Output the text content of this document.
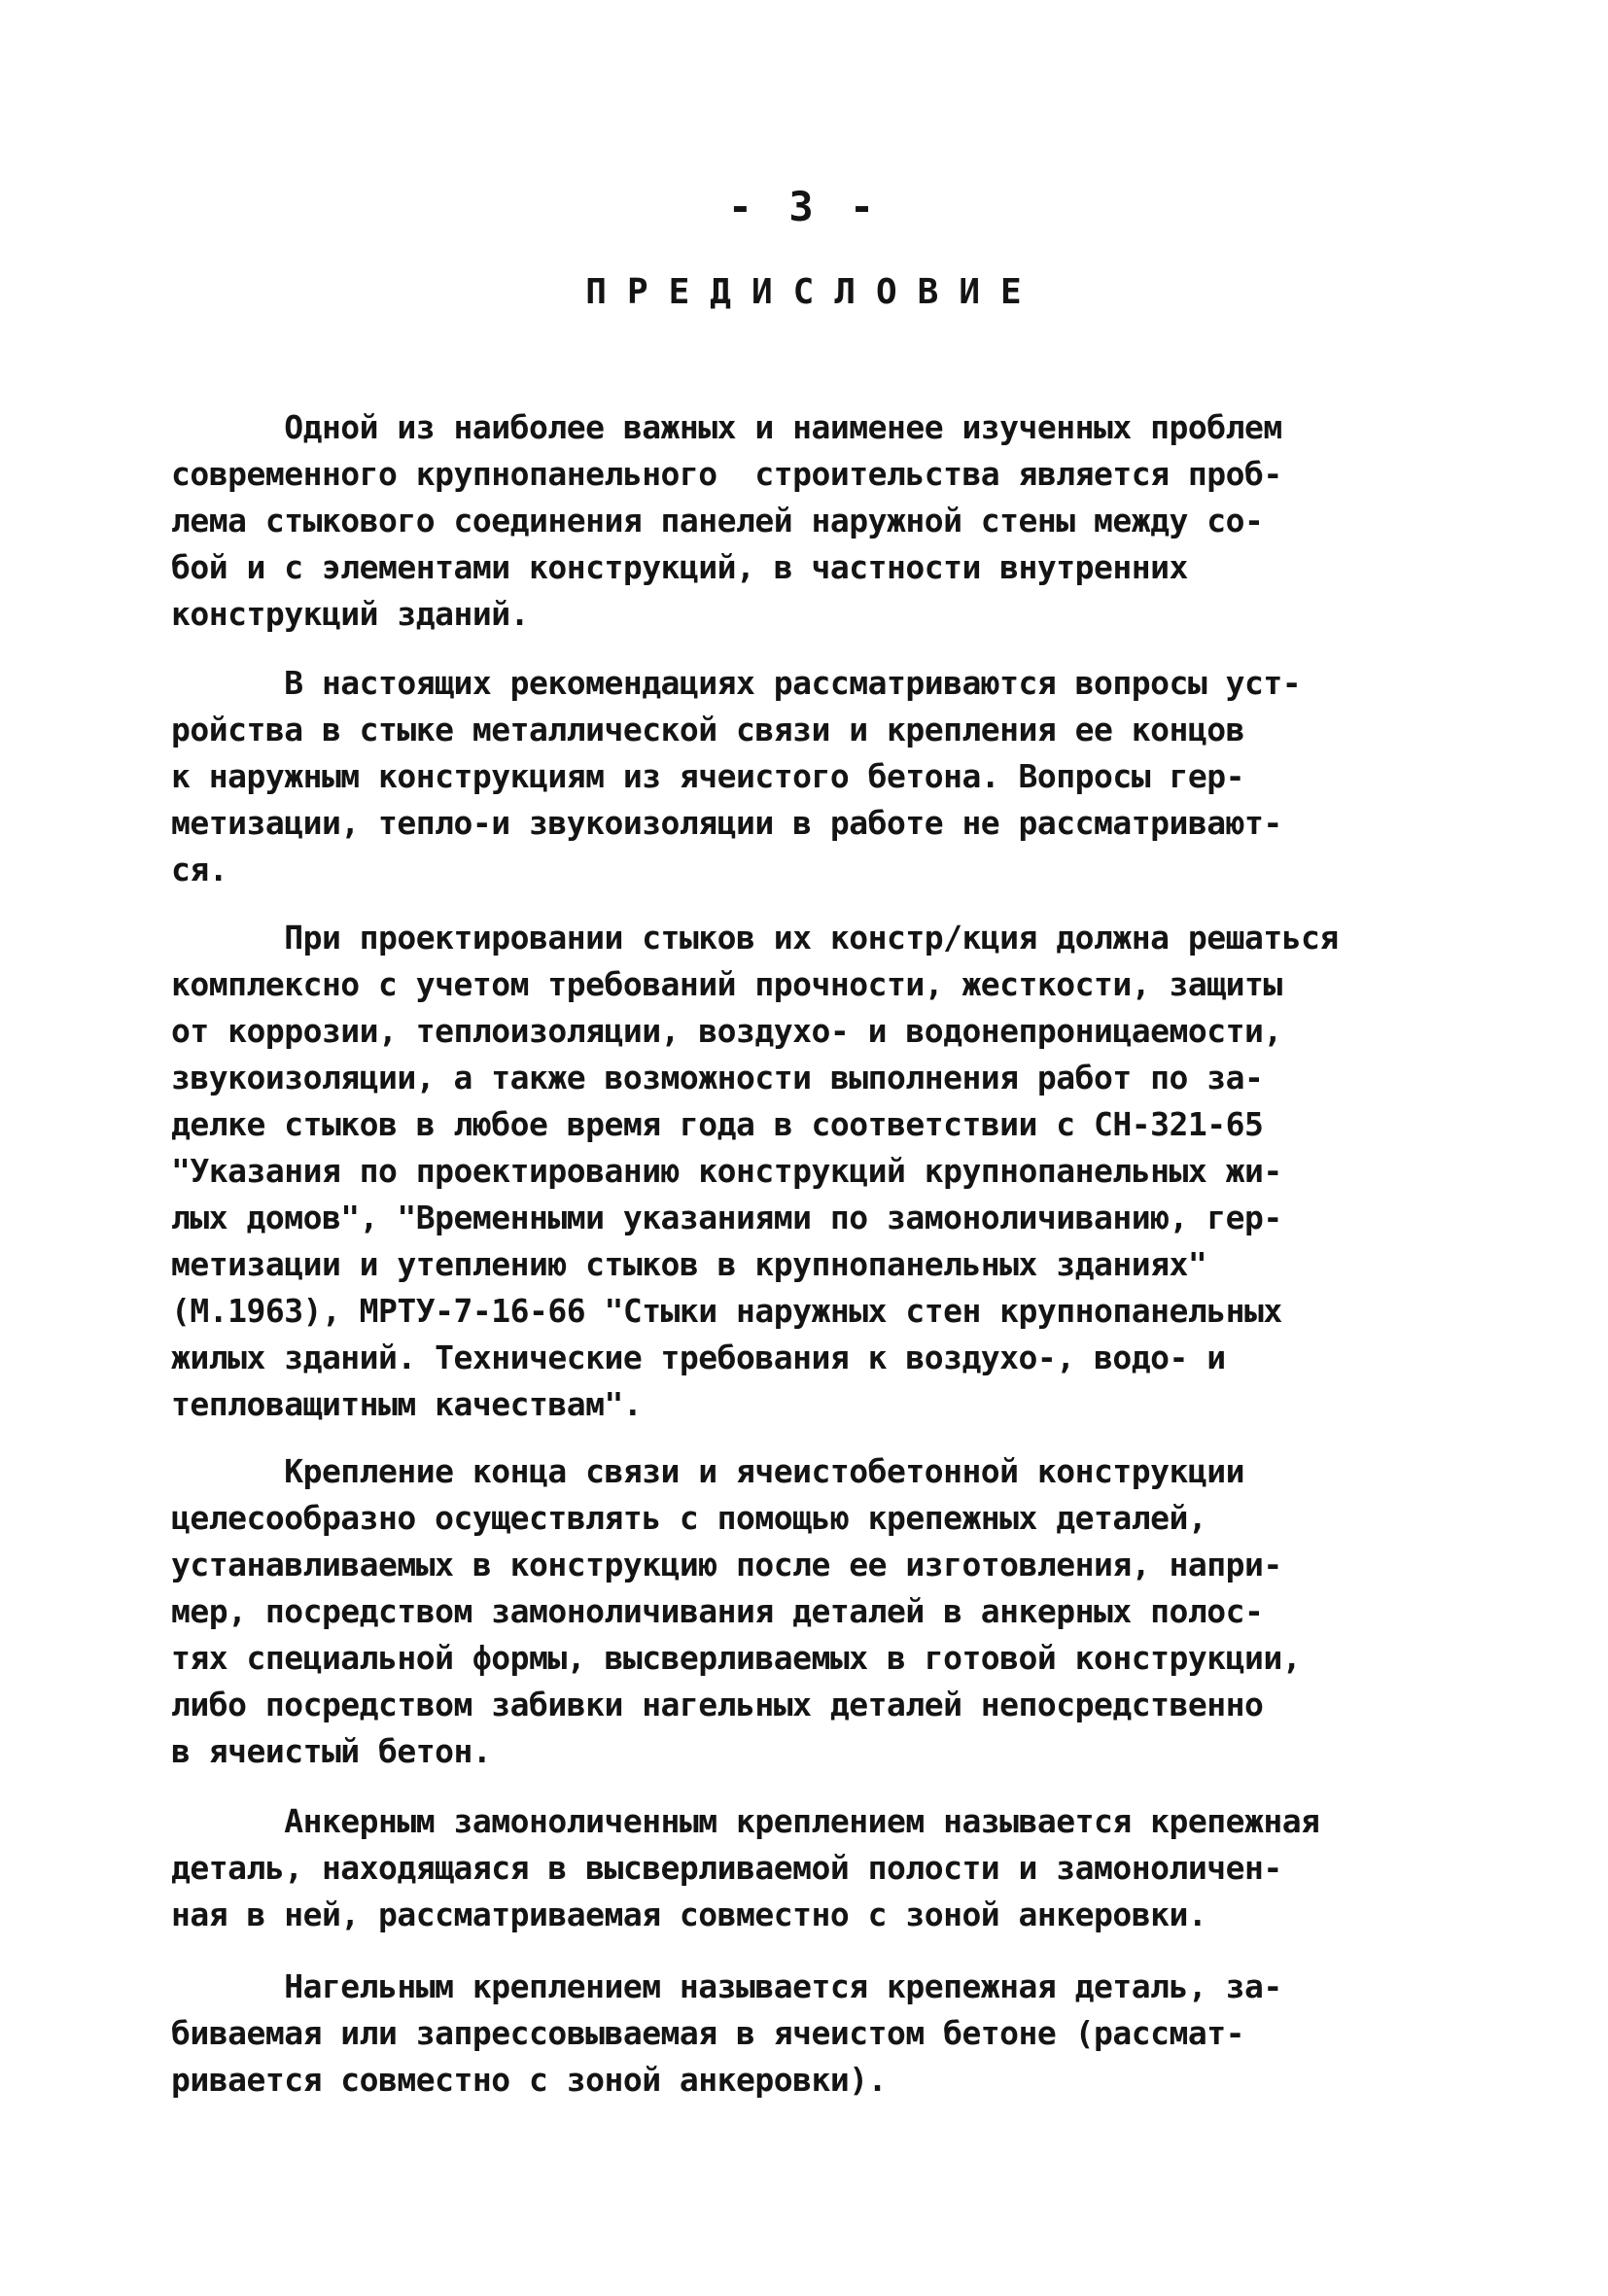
- 3 -
ПРЕДИСЛОВИЕ
Одной из наиболее важных и наименее изученных проблем
современного крупнопанельного  строительства является проб-
лема стыкового соединения панелей наружной стены между со-
бой и с элементами конструкций, в частности внутренних
конструкций зданий.
В настоящих рекомендациях рассматриваются вопросы уст-
ройства в стыке металлической связи и крепления ее концов
к наружным конструкциям из ячеистого бетона. Вопросы гер-
метизации, тепло-и звукоизоляции в работе не рассматривают-
ся.
При проектировании стыков их констр/кция должна решаться
комплексно с учетом требований прочности, жесткости, защиты
от коррозии, теплоизоляции, воздухо- и водонепроницаемости,
звукоизоляции, а также возможности выполнения работ по за-
делке стыков в любое время года в соответствии с СН-321-65
"Указания по проектированию конструкций крупнопанельных жи-
лых домов", "Временными указаниями по замоноличиванию, гер-
метизации и утеплению стыков в крупнопанельных зданиях"
(М.1963), МРТУ-7-16-66 "Стыки наружных стен крупнопанельных
жилых зданий. Технические требования к воздухо-, водо- и
тепловащитным качествам".
Крепление конца связи и ячеистобетонной конструкции
целесообразно осуществлять с помощью крепежных деталей,
устанавливаемых в конструкцию после ее изготовления, напри-
мер, посредством замоноличивания деталей в анкерных полос-
тях специальной формы, высверливаемых в готовой конструкции,
либо посредством забивки нагельных деталей непосредственно
в ячеистый бетон.
Анкерным замоноличенным креплением называется крепежная
деталь, находящаяся в высверливаемой полости и замоноличен-
ная в ней, рассматриваемая совместно с зоной анкеровки.
Нагельным креплением называется крепежная деталь, за-
биваемая или запрессовываемая в ячеистом бетоне (рассмат-
ривается совместно с зоной анкеровки).
